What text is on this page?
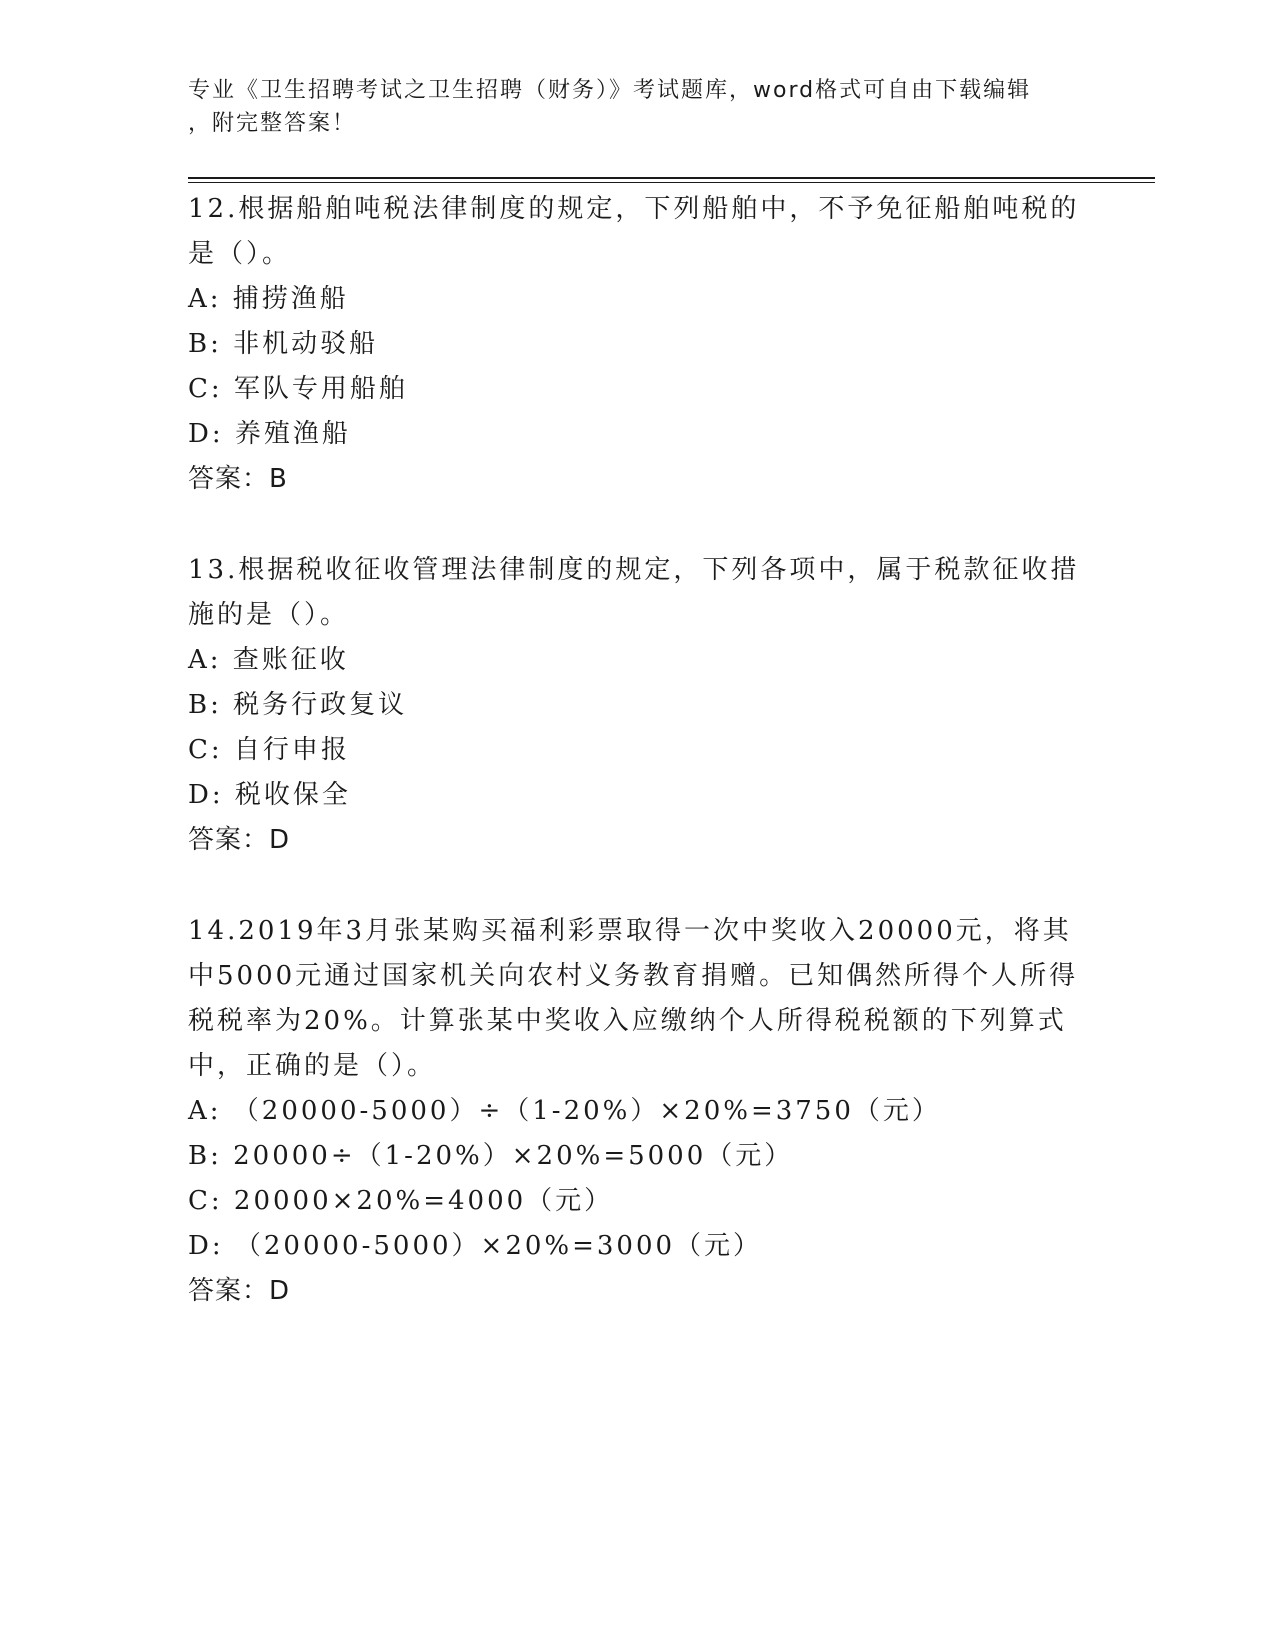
专业《卫生招聘考试之卫生招聘（财务）》考试题库，word格式可自由下载编辑
，附完整答案！

12.根据船舶吨税法律制度的规定，下列船舶中，不予免征船舶吨税的是（）。

A: 捕捞渔船
B: 非机动驳船
C: 军队专用船舶
D: 养殖渔船
答案：B

13.根据税收征收管理法律制度的规定，下列各项中，属于税款征收措施的是（）。

A: 查账征收
B: 税务行政复议
C: 自行申报
D: 税收保全
答案：D

14.2019年3月张某购买福利彩票取得一次中奖收入20000元，将其中5000元通过国家机关向农村义务教育捐赠。已知偶然所得个人所得税税率为20%。计算张某中奖收入应缴纳个人所得税税额的下列算式中，正确的是（）。

A: （20000-5000）÷（1-20%）×20%=3750（元）
B: 20000÷（1-20%）×20%=5000（元）
C: 20000×20%=4000（元）
D: （20000-5000）×20%=3000（元）
答案：D
